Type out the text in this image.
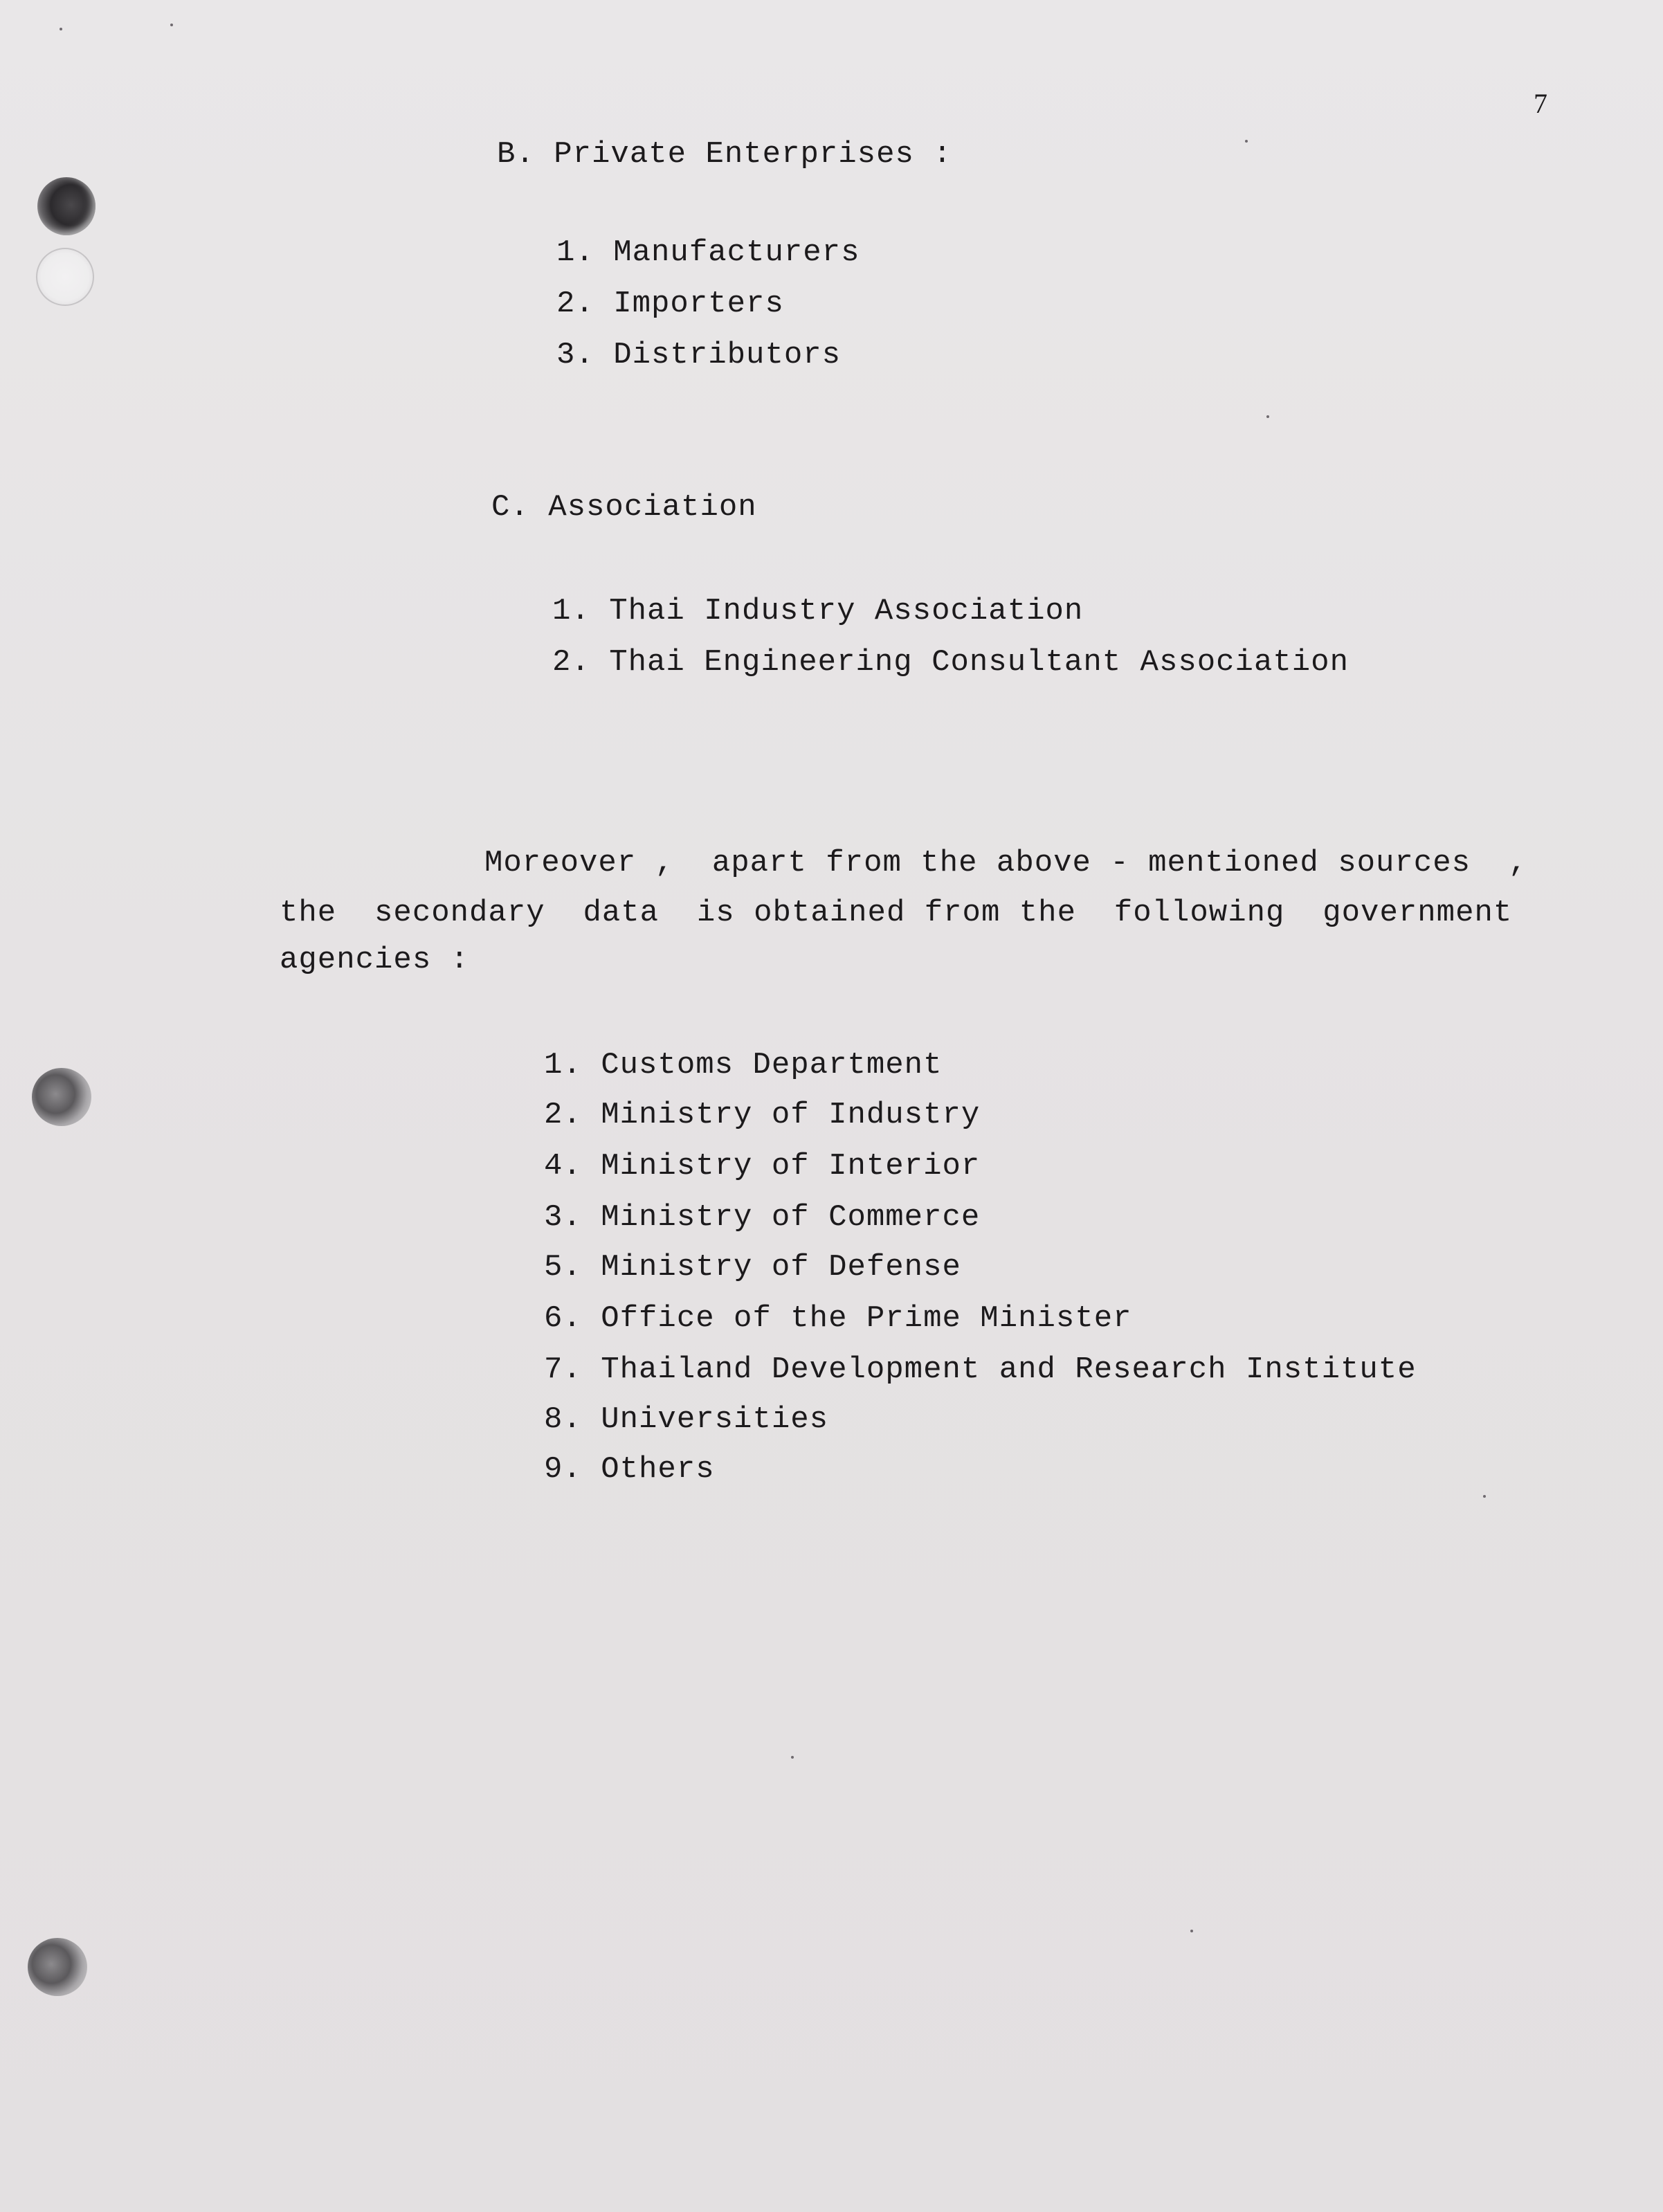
7
B. Private Enterprises :
1. Manufacturers
2. Importers
3. Distributors
C. Association
1. Thai Industry Association
2. Thai Engineering Consultant Association
Moreover ,  apart from the above - mentioned sources  ,
the  secondary  data  is obtained from the  following  government
agencies :
1. Customs Department
2. Ministry of Industry
4. Ministry of Interior
3. Ministry of Commerce
5. Ministry of Defense
6. Office of the Prime Minister
7. Thailand Development and Research Institute
8. Universities
9. Others
